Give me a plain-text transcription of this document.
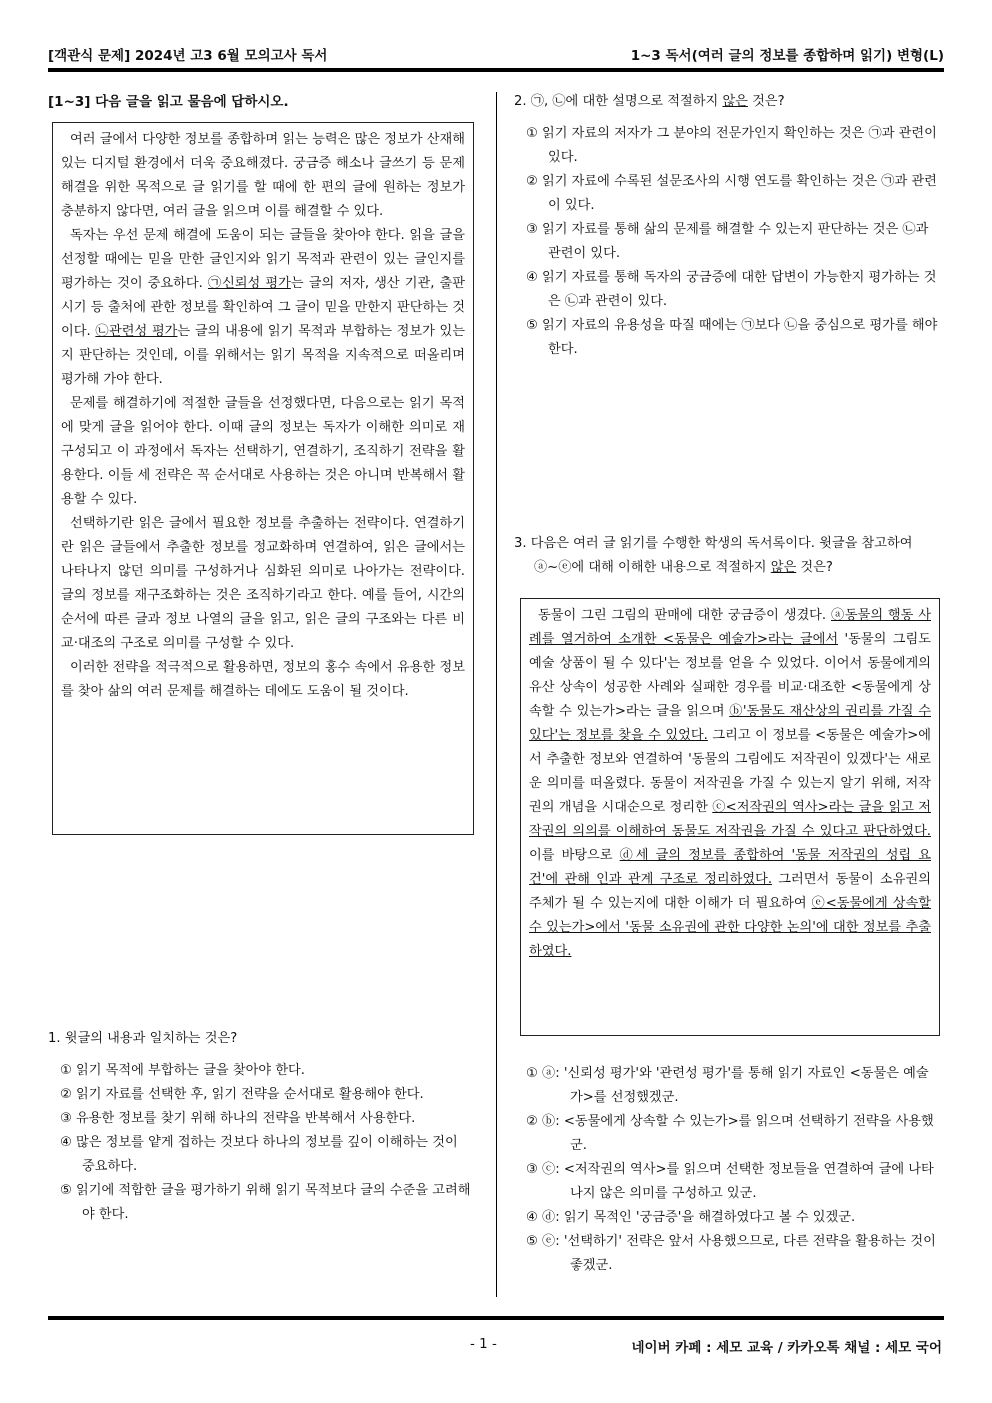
[객관식 문제] 2024년 고3 6월 모의고사 독서	1~3 독서(여러 글의 정보를 종합하며 읽기) 변형(L)
[1~3] 다음 글을 읽고 물음에 답하시오.

여러 글에서 다양한 정보를 종합하며 읽는 능력은 많은 정보가 산재해 있는 디지털 환경에서 더욱 중요해졌다. 궁금증 해소나 글쓰기 등 문제 해결을 위한 목적으로 글 읽기를 할 때에 한 편의 글에 원하는 정보가 충분하지 않다면, 여러 글을 읽으며 이를 해결할 수 있다.

독자는 우선 문제 해결에 도움이 되는 글들을 찾아야 한다. 읽을 글을 선정할 때에는 믿을 만한 글인지와 읽기 목적과 관련이 있는 글인지를 평가하는 것이 중요하다. ㉠신뢰성 평가는 글의 저자, 생산 기관, 출판 시기 등 출처에 관한 정보를 확인하여 그 글이 믿을 만한지 판단하는 것이다. ㉡관련성 평가는 글의 내용에 읽기 목적과 부합하는 정보가 있는지 판단하는 것인데, 이를 위해서는 읽기 목적을 지속적으로 떠올리며 평가해 가야 한다.

문제를 해결하기에 적절한 글들을 선정했다면, 다음으로는 읽기 목적에 맞게 글을 읽어야 한다. 이때 글의 정보는 독자가 이해한 의미로 재구성되고 이 과정에서 독자는 선택하기, 연결하기, 조직하기 전략을 활용한다. 이들 세 전략은 꼭 순서대로 사용하는 것은 아니며 반복해서 활용할 수 있다.

선택하기란 읽은 글에서 필요한 정보를 추출하는 전략이다. 연결하기란 읽은 글들에서 추출한 정보를 정교화하며 연결하여, 읽은 글에서는 나타나지 않던 의미를 구성하거나 심화된 의미로 나아가는 전략이다. 글의 정보를 재구조화하는 것은 조직하기라고 한다. 예를 들어, 시간의 순서에 따른 글과 정보 나열의 글을 읽고, 읽은 글의 구조와는 다른 비교·대조의 구조로 의미를 구성할 수 있다.

이러한 전략을 적극적으로 활용하면, 정보의 홍수 속에서 유용한 정보를 찾아 삶의 여러 문제를 해결하는 데에도 도움이 될 것이다.

1. 윗글의 내용과 일치하는 것은?
① 읽기 목적에 부합하는 글을 찾아야 한다.
② 읽기 자료를 선택한 후, 읽기 전략을 순서대로 활용해야 한다.
③ 유용한 정보를 찾기 위해 하나의 전략을 반복해서 사용한다.
④ 많은 정보를 얕게 접하는 것보다 하나의 정보를 깊이 이해하는 것이 중요하다.
⑤ 읽기에 적합한 글을 평가하기 위해 읽기 목적보다 글의 수준을 고려해야 한다.
2. ㉠, ㉡에 대한 설명으로 적절하지 않은 것은?
① 읽기 자료의 저자가 그 분야의 전문가인지 확인하는 것은 ㉠과 관련이 있다.
② 읽기 자료에 수록된 설문조사의 시행 연도를 확인하는 것은 ㉠과 관련이 있다.
③ 읽기 자료를 통해 삶의 문제를 해결할 수 있는지 판단하는 것은 ㉡과 관련이 있다.
④ 읽기 자료를 통해 독자의 궁금증에 대한 답변이 가능한지 평가하는 것은 ㉡과 관련이 있다.
⑤ 읽기 자료의 유용성을 따질 때에는 ㉠보다 ㉡을 중심으로 평가를 해야한다.
3. 다음은 여러 글 읽기를 수행한 학생의 독서록이다. 윗글을 참고하여 ⓐ~ⓔ에 대해 이해한 내용으로 적절하지 않은 것은?

동물이 그린 그림의 판매에 대한 궁금증이 생겼다. ⓐ동물의 행동 사례를 열거하여 소개한 <동물은 예술가>라는 글에서 '동물의 그림도 예술 상품이 될 수 있다'는 정보를 얻을 수 있었다. 이어서 동물에게의 유산 상속이 성공한 사례와 실패한 경우를 비교·대조한 <동물에게 상속할 수 있는가>라는 글을 읽으며 ⓑ'동물도 재산상의 권리를 가질 수 있다'는 정보를 찾을 수 있었다. 그리고 이 정보를 <동물은 예술가>에서 추출한 정보와 연결하여 '동물의 그림에도 저작권이 있겠다'는 새로운 의미를 떠올렸다. 동물이 저작권을 가질 수 있는지 알기 위해, 저작권의 개념을 시대순으로 정리한 ⓒ<저작권의 역사>라는 글을 읽고 저작권의 의의를 이해하여 동물도 저작권을 가질 수 있다고 판단하였다. 이를 바탕으로 ⓓ세 글의 정보를 종합하여 '동물 저작권의 성립 요건'에 관해 인과 관계 구조로 정리하였다. 그러면서 동물이 소유권의 주체가 될 수 있는지에 대한 이해가 더 필요하여 ⓔ<동물에게 상속할 수 있는가>에서 '동물 소유권에 관한 다양한 논의'에 대한 정보를 추출하였다.

① ⓐ: '신뢰성 평가'와 '관련성 평가'를 통해 읽기 자료인 <동물은 예술가>를 선정했겠군.
② ⓑ: <동물에게 상속할 수 있는가>를 읽으며 선택하기 전략을 사용했군.
③ ⓒ: <저작권의 역사>를 읽으며 선택한 정보들을 연결하여 글에 나타나지 않은 의미를 구성하고 있군.
④ ⓓ: 읽기 목적인 '궁금증'을 해결하였다고 볼 수 있겠군.
⑤ ⓔ: '선택하기' 전략은 앞서 사용했으므로, 다른 전략을 활용하는 것이 좋겠군.
- 1 -	네이버 카페 : 세모 교육 / 카카오톡 채널 : 세모 국어
